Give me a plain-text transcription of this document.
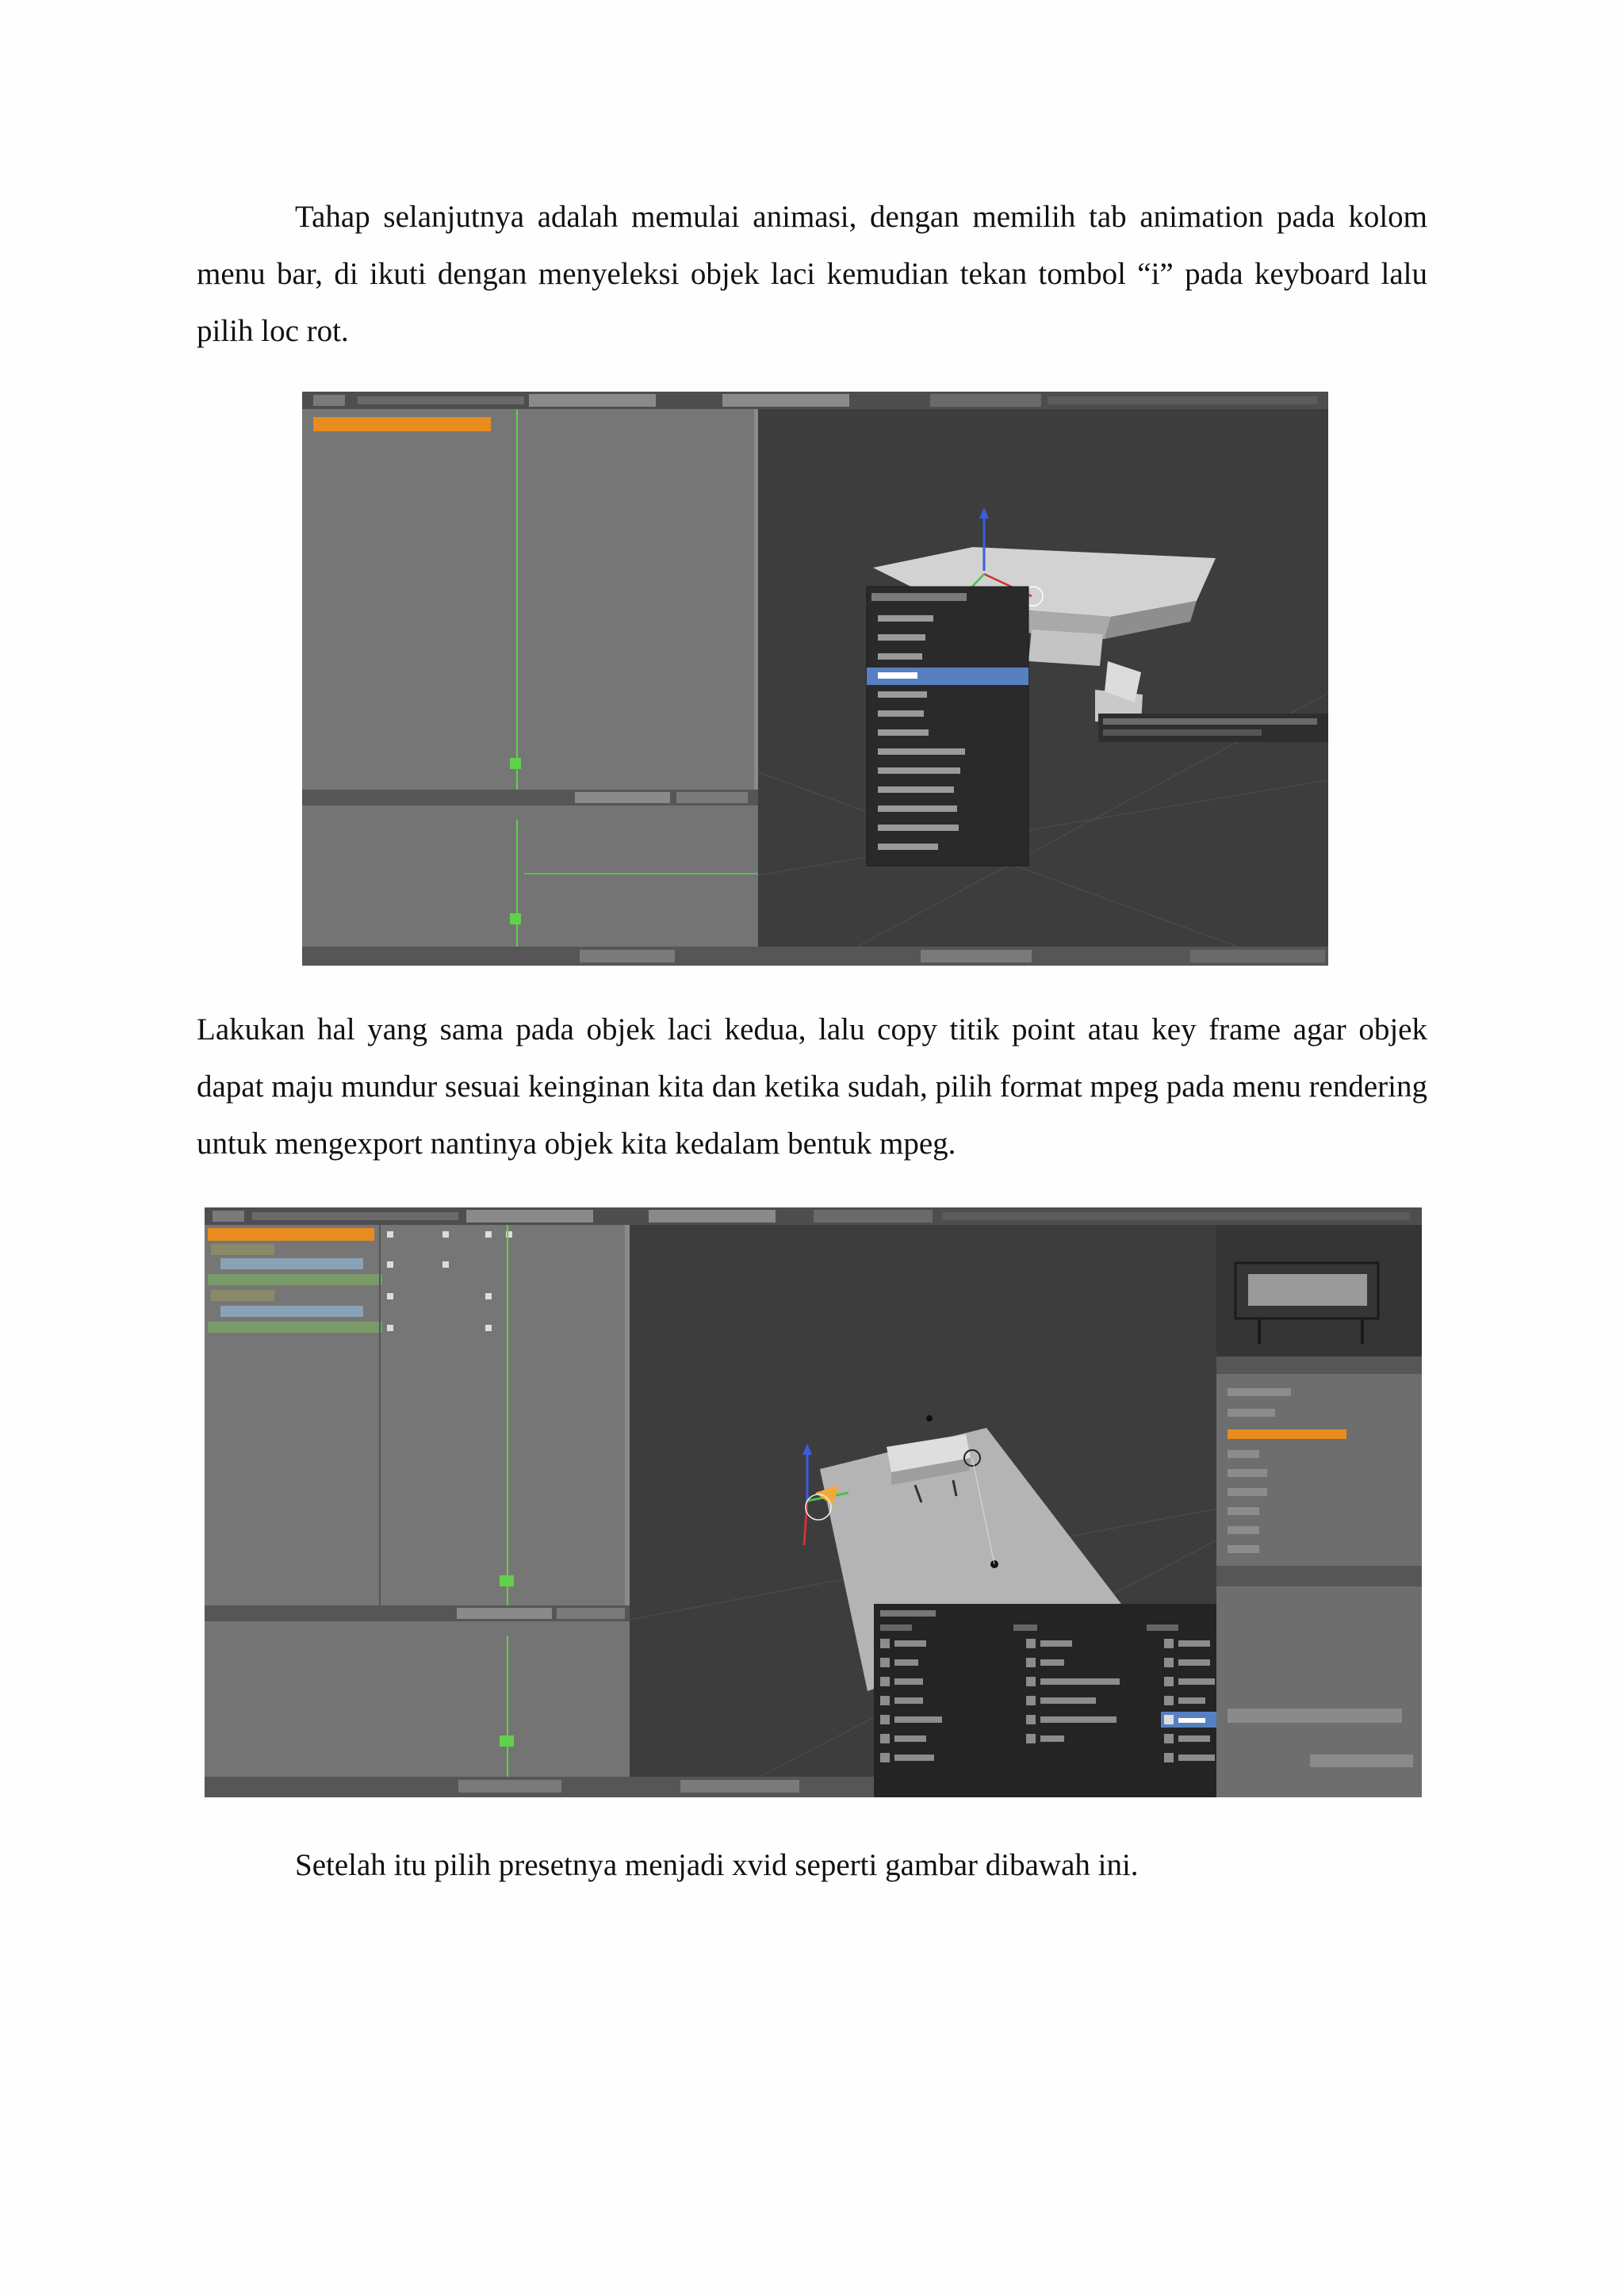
Tahap selanjutnya adalah memulai animasi, dengan memilih tab animation pada kolom menu bar, di ikuti dengan menyeleksi objek laci kemudian tekan tombol “i” pada keyboard lalu pilih loc rot.

Lakukan hal yang sama pada objek laci kedua, lalu copy titik point atau key frame agar objek dapat maju mundur sesuai keinginan kita dan ketika sudah, pilih format mpeg pada menu rendering untuk mengexport nantinya objek kita kedalam bentuk mpeg.

Setelah itu pilih presetnya menjadi xvid seperti gambar dibawah ini.
